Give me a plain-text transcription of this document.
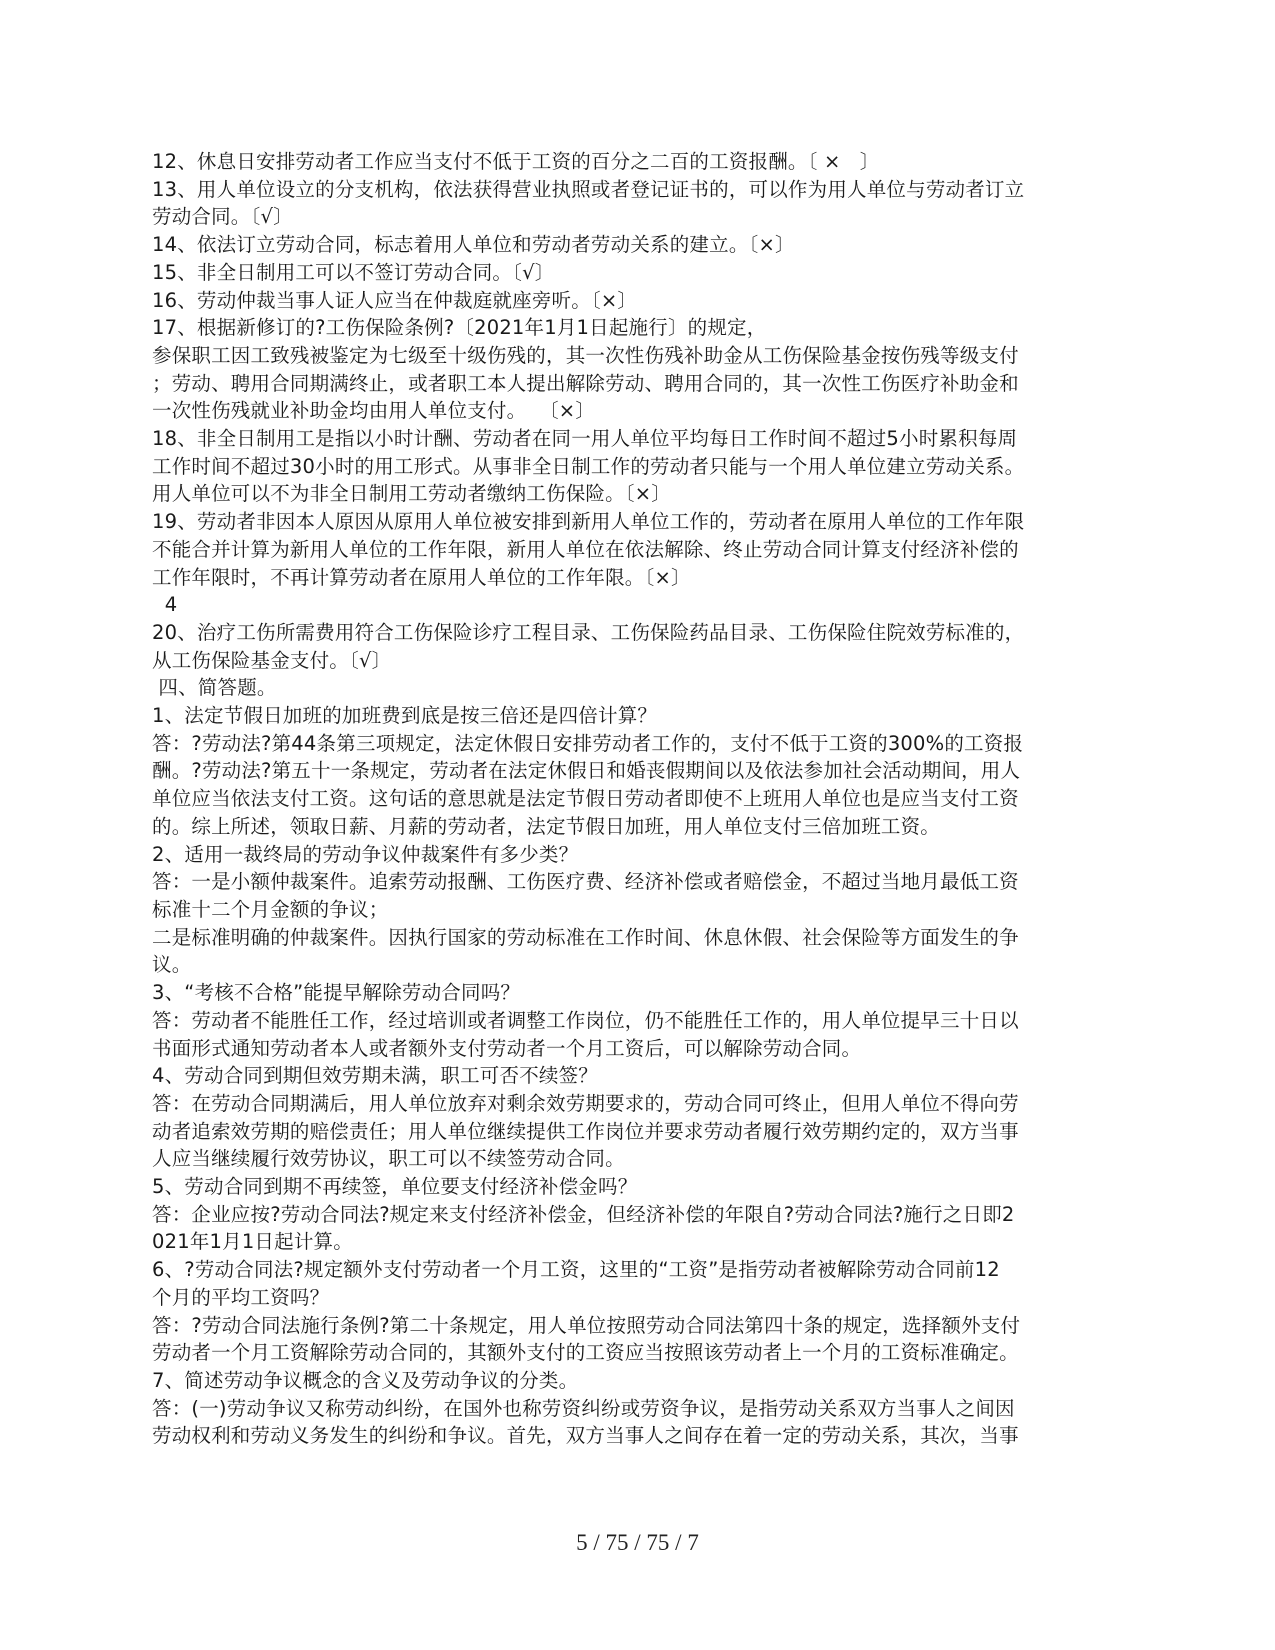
12、休息日安排劳动者工作应当支付不低于工资的百分之二百的工资报酬。〔 ×   〕
13、用人单位设立的分支机构，依法获得营业执照或者登记证书的，可以作为用人单位与劳动者订立
劳动合同。〔√〕
14、依法订立劳动合同，标志着用人单位和劳动者劳动关系的建立。〔×〕
15、非全日制用工可以不签订劳动合同。〔√〕
16、劳动仲裁当事人证人应当在仲裁庭就座旁听。〔×〕
17、根据新修订的?工伤保险条例?〔2021年1月1日起施行〕的规定，
参保职工因工致残被鉴定为七级至十级伤残的，其一次性伤残补助金从工伤保险基金按伤残等级支付
；劳动、聘用合同期满终止，或者职工本人提出解除劳动、聘用合同的，其一次性工伤医疗补助金和
一次性伤残就业补助金均由用人单位支付。  〔×〕
18、非全日制用工是指以小时计酬、劳动者在同一用人单位平均每日工作时间不超过5小时累积每周
工作时间不超过30小时的用工形式。从事非全日制工作的劳动者只能与一个用人单位建立劳动关系。
用人单位可以不为非全日制用工劳动者缴纳工伤保险。〔×〕
19、劳动者非因本人原因从原用人单位被安排到新用人单位工作的，劳动者在原用人单位的工作年限
不能合并计算为新用人单位的工作年限，新用人单位在依法解除、终止劳动合同计算支付经济补偿的
工作年限时，不再计算劳动者在原用人单位的工作年限。〔×〕
4
20、治疗工伤所需费用符合工伤保险诊疗工程目录、工伤保险药品目录、工伤保险住院效劳标准的，
从工伤保险基金支付。〔√〕
四、简答题。
1、法定节假日加班的加班费到底是按三倍还是四倍计算？
答：?劳动法?第44条第三项规定，法定休假日安排劳动者工作的，支付不低于工资的300%的工资报
酬。?劳动法?第五十一条规定，劳动者在法定休假日和婚丧假期间以及依法参加社会活动期间，用人
单位应当依法支付工资。这句话的意思就是法定节假日劳动者即使不上班用人单位也是应当支付工资
的。综上所述，领取日薪、月薪的劳动者，法定节假日加班，用人单位支付三倍加班工资。
2、适用一裁终局的劳动争议仲裁案件有多少类？
答：一是小额仲裁案件。追索劳动报酬、工伤医疗费、经济补偿或者赔偿金，不超过当地月最低工资
标准十二个月金额的争议；
二是标准明确的仲裁案件。因执行国家的劳动标准在工作时间、休息休假、社会保险等方面发生的争
议。
3、“考核不合格”能提早解除劳动合同吗？
答：劳动者不能胜任工作，经过培训或者调整工作岗位，仍不能胜任工作的，用人单位提早三十日以
书面形式通知劳动者本人或者额外支付劳动者一个月工资后，可以解除劳动合同。
4、劳动合同到期但效劳期未满，职工可否不续签？
答：在劳动合同期满后，用人单位放弃对剩余效劳期要求的，劳动合同可终止，但用人单位不得向劳
动者追索效劳期的赔偿责任；用人单位继续提供工作岗位并要求劳动者履行效劳期约定的，双方当事
人应当继续履行效劳协议，职工可以不续签劳动合同。
5、劳动合同到期不再续签，单位要支付经济补偿金吗？
答：企业应按?劳动合同法?规定来支付经济补偿金，但经济补偿的年限自?劳动合同法?施行之日即2
021年1月1日起计算。
6、?劳动合同法?规定额外支付劳动者一个月工资，这里的“工资”是指劳动者被解除劳动合同前12
个月的平均工资吗？
答：?劳动合同法施行条例?第二十条规定，用人单位按照劳动合同法第四十条的规定，选择额外支付
劳动者一个月工资解除劳动合同的，其额外支付的工资应当按照该劳动者上一个月的工资标准确定。
7、简述劳动争议概念的含义及劳动争议的分类。
答：(一)劳动争议又称劳动纠纷，在国外也称劳资纠纷或劳资争议，是指劳动关系双方当事人之间因
劳动权利和劳动义务发生的纠纷和争议。首先，双方当事人之间存在着一定的劳动关系，其次，当事
5 / 75 / 75 / 7
